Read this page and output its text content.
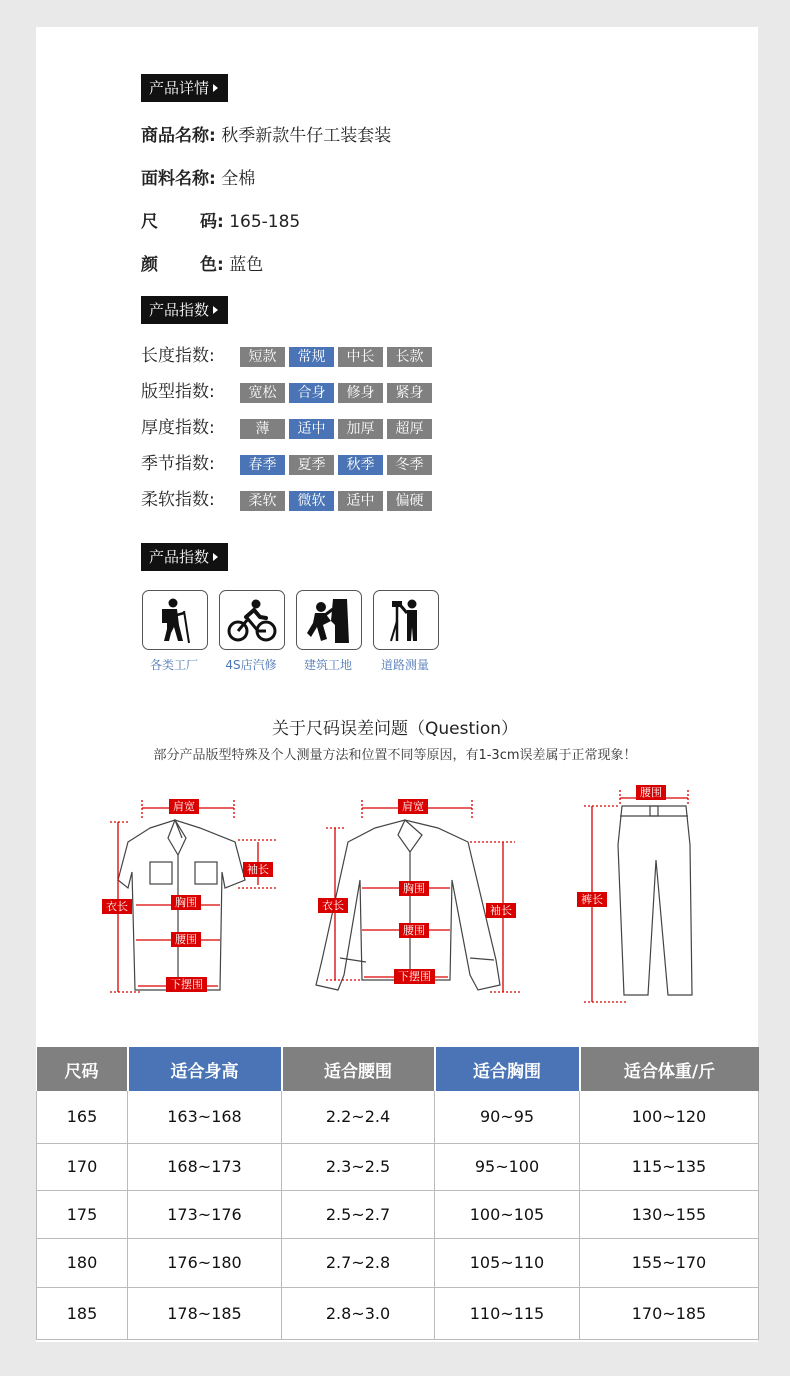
产品详情
商品名称: 秋季新款牛仔工装套装
面料名称: 全棉
尺 码: 165-185
颜 色: 蓝色
产品指数
长度指数:	短款	常规	中长	长款
版型指数:	宽松	合身	修身	紧身
厚度指数:	薄	适中	加厚	超厚
季节指数:	春季	夏季	秋季	冬季
柔软指数:	柔软	微软	适中	偏硬
产品指数
各类工厂	4S店汽修	建筑工地	道路测量
关于尺码误差问题（Question）
部分产品版型特殊及个人测量方法和位置不同等原因，有1-3cm误差属于正常现象！
肩宽
袖长
衣长	胸围
腰围
下摆围
肩宽
衣长
胸围
腰围
袖长
下摆围
腰围
裤长
尺码	适合身高	适合腰围	适合胸围	适合体重/斤
165	163~168	2.2~2.4	90~95	100~120
170	168~173	2.3~2.5	95~100	115~135
175	173~176	2.5~2.7	100~105	130~155
180	176~180	2.7~2.8	105~110	155~170
185	178~185	2.8~3.0	110~115	170~185
